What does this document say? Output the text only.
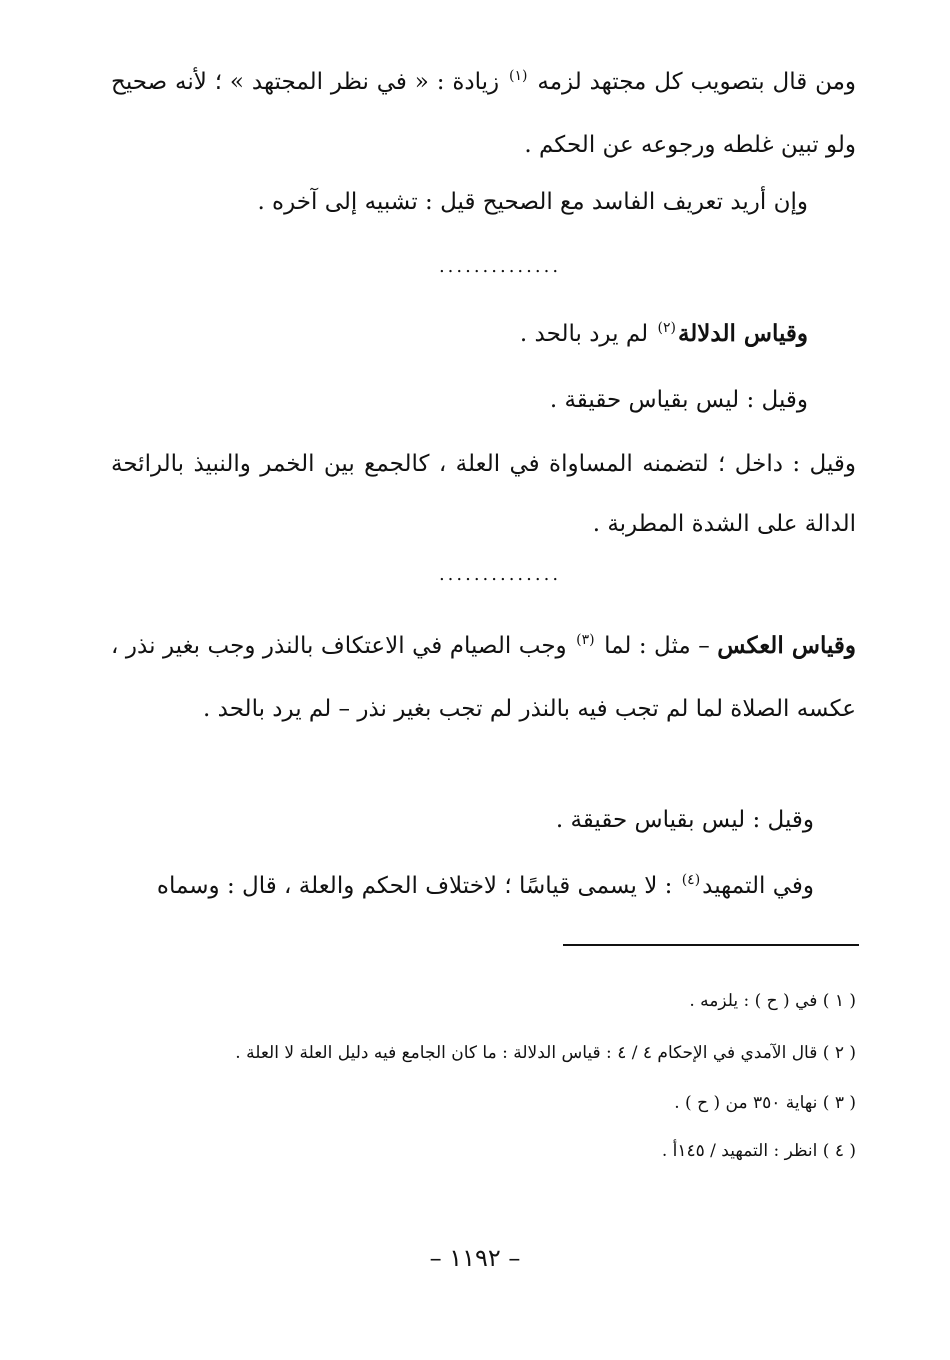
ومن قال بتصويب كل مجتهد لزمه $^{(١)}$ زيادة : « في نظر المجتهد » ؛ لأنه صحيح ولو تبين غلطه ورجوعه عن الحكم .
وإن أريد تعريف الفاسد مع الصحيح قيل : تشبيه إلى آخره .
..............
وقياس الدلالة$^{(٢)}$ لم يرد بالحد .
وقيل : ليس بقياس حقيقة .
وقيل : داخل ؛ لتضمنه المساواة في العلة ، كالجمع بين الخمر والنبيذ بالرائحة الدالة على الشدة المطربة .
..............
وقياس العكس – مثل : لما $^{(٣)}$ وجب الصيام في الاعتكاف بالنذر وجب بغير نذر ، عكسه الصلاة لما لم تجب فيه بالنذر لم تجب بغير نذر – لم يرد بالحد .
وقيل : ليس بقياس حقيقة .
وفي التمهيد$^{(٤)}$ : لا يسمى قياسًا ؛ لاختلاف الحكم والعلة ، قال : وسماه
( ١ ) في ( ح ) : يلزمه .
( ٢ ) قال الآمدي في الإحكام ٤ / ٤ : قياس الدلالة : ما كان الجامع فيه دليل العلة لا العلة .
( ٣ ) نهاية ٣٥٠ من ( ح ) .
( ٤ ) انظر : التمهيد / ١٤٥أ .
– ١١٩٢ –
